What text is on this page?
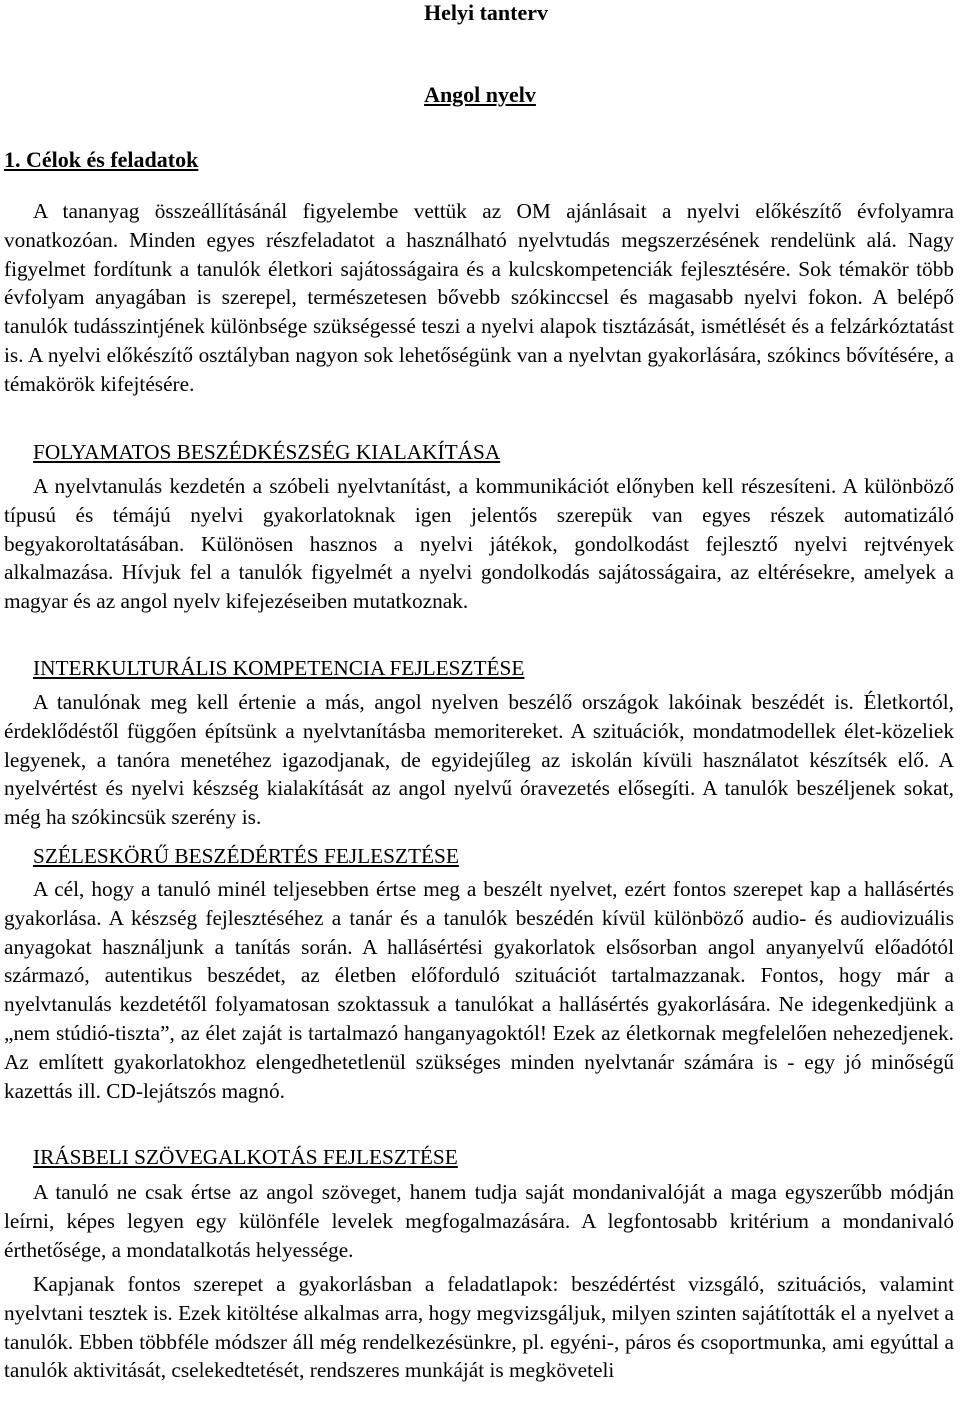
Helyi tanterv
Angol nyelv
1. Célok és feladatok

A tananyag összeállításánál figyelembe vettük az OM ajánlásait a nyelvi előkészítő évfolyamra vonatkozóan. Minden egyes részfeladatot a használható nyelvtudás megszerzésének rendelünk alá. Nagy figyelmet fordítunk a tanulók életkori sajátosságaira és a kulcskompetenciák fejlesztésére. Sok témakör több évfolyam anyagában is szerepel, természetesen bővebb szókinccsel és magasabb nyelvi fokon. A belépő tanulók tudásszintjének különbsége szükségessé teszi a nyelvi alapok tisztázását, ismétlését és a felzárkóztatást is. A nyelvi előkészítő osztályban nagyon sok lehetőségünk van a nyelvtan gyakorlására, szókincs bővítésére, a témakörök kifejtésére.

FOLYAMATOS BESZÉDKÉSZSÉG KIALAKÍTÁSA

A nyelvtanulás kezdetén a szóbeli nyelvtanítást, a kommunikációt előnyben kell részesíteni. A különböző típusú és témájú nyelvi gyakorlatoknak igen jelentős szerepük van egyes részek automatizáló begyakoroltatásában. Különösen hasznos a nyelvi játékok, gondolkodást fejlesztő nyelvi rejtvények alkalmazása. Hívjuk fel a tanulók figyelmét a nyelvi gondolkodás sajátosságaira, az eltérésekre, amelyek a magyar és az angol nyelv kifejezéseiben mutatkoznak.

INTERKULTURÁLIS KOMPETENCIA FEJLESZTÉSE

A tanulónak meg kell értenie a más, angol nyelven beszélő országok lakóinak beszédét is. Életkortól, érdeklődéstől függően építsünk a nyelvtanításba memoritereket. A szituációk, mondatmodellek élet-közeliek legyenek, a tanóra menetéhez igazodjanak, de egyidejűleg az iskolán kívüli használatot készítsék elő. A nyelvértést és nyelvi készség kialakítását az angol nyelvű óravezetés elősegíti. A tanulók beszéljenek sokat, még ha szókincsük szerény is.

SZÉLESKÖRŰ BESZÉDÉRTÉS FEJLESZTÉSE

A cél, hogy a tanuló minél teljesebben értse meg a beszélt nyelvet, ezért fontos szerepet kap a hallásértés gyakorlása. A készség fejlesztéséhez a tanár és a tanulók beszédén kívül különböző audio- és audiovizuális anyagokat használjunk a tanítás során. A hallásértési gyakorlatok elsősorban angol anyanyelvű előadótól származó, autentikus beszédet, az életben előforduló szituációt tartalmazzanak. Fontos, hogy már a nyelvtanulás kezdetétől folyamatosan szoktassuk a tanulókat a hallásértés gyakorlására. Ne idegenkedjünk a „nem stúdió-tiszta”, az élet zaját is tartalmazó hanganyagoktól! Ezek az életkornak megfelelően nehezedjenek. Az említett gyakorlatokhoz elengedhetetlenül szükséges minden nyelvtanár számára is - egy jó minőségű kazettás ill. CD-lejátszós magnó.

IRÁSBELI SZÖVEGALKOTÁS FEJLESZTÉSE

A tanuló ne csak értse az angol szöveget, hanem tudja saját mondanivalóját a maga egyszerűbb módján leírni, képes legyen egy különféle levelek megfogalmazására. A legfontosabb kritérium a mondanivaló érthetősége, a mondatalkotás helyessége.

Kapjanak fontos szerepet a gyakorlásban a feladatlapok: beszédértést vizsgáló, szituációs, valamint nyelvtani tesztek is. Ezek kitöltése alkalmas arra, hogy megvizsgáljuk, milyen szinten sajátították el a nyelvet a tanulók. Ebben többféle módszer áll még rendelkezésünkre, pl. egyéni-, páros és csoportmunka, ami egyúttal a tanulók aktivitását, cselekedtetését, rendszeres munkáját is megköveteli
